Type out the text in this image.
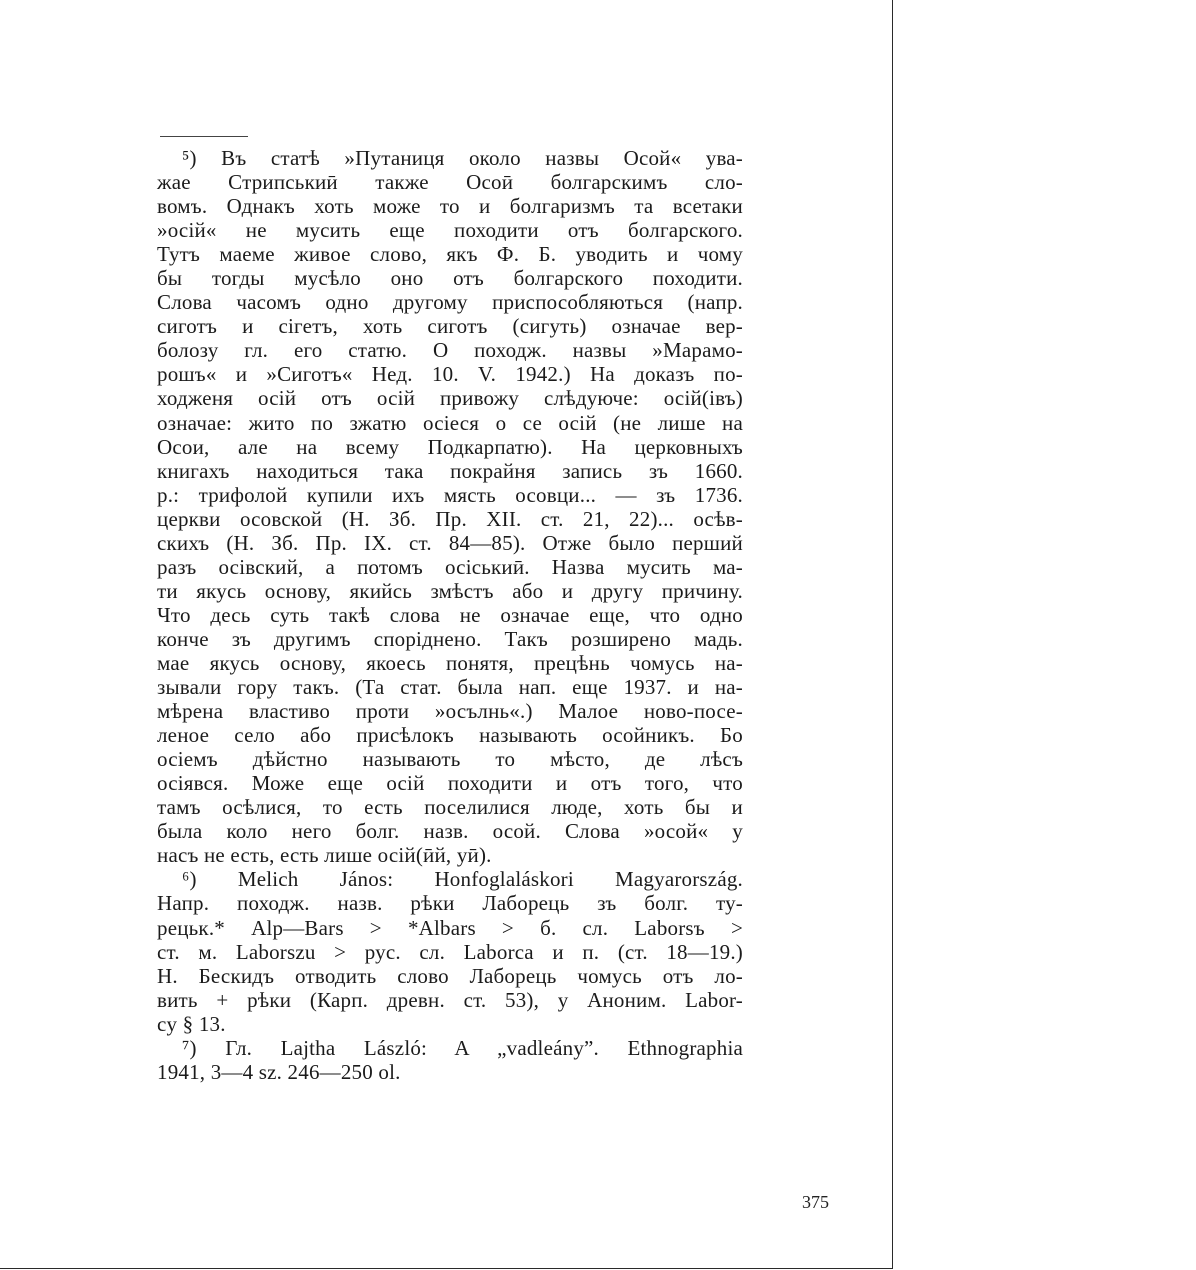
⁵) Въ статѣ »Путаниця около назвы Осой« ува-
жае Стрипськиӣ также Осоӣ болгарскимъ сло-
вомъ. Однакъ хоть може то и болгаризмъ та всетаки
»осій« не мусить еще походити отъ болгарского.
Тутъ маеме живое слово, якъ Ф. Б. уводить и чому
бы тогды мусѣло оно отъ болгарского походити.
Слова часомъ одно другому приспособляються (напр.
сиготъ и сігетъ, хоть сиготъ (сигуть) означае вер-
болозу гл. его статю. О походж. назвы »Марамо-
рошъ« и »Сиготъ« Нед. 10. V. 1942.) На доказъ по-
ходженя осій отъ осій привожу слѣдуюче: осій(івъ)
означае: жито по зжатю осіеся о се осій (не лише на
Осои, але на всему Подкарпатю). На церковныхъ
книгахъ находиться така покрайня запись зъ 1660.
р.: трифолой купили ихъ мясть осовци... — зъ 1736.
церкви осовской (Н. Зб. Пр. XII. ст. 21, 22)... осѣв-
скихъ (Н. Зб. Пр. IX. ст. 84—85). Отже было перший
разъ осівский, а потомъ осіськиӣ. Назва мусить ма-
ти якусь основу, якийсь змѣстъ або и другу причину.
Что десь суть такѣ слова не означае еще, что одно
конче зъ другимъ споріднено. Такъ розширено мадь.
мае якусь основу, якоесь понятя, прецѣнь чомусь на-
зывали гору такъ. (Та стат. была нап. еще 1937. и на-
мѣрена властиво проти »осълнь«.) Малое ново-посе-
леное село або присѣлокъ называють осойникъ. Бо
осіемъ дѣйстно называють то мѣсто, де лѣсъ
осіявся. Може еще осій походити и отъ того, что
тамъ осѣлися, то есть поселилися люде, хоть бы и
была коло него болг. назв. осой. Слова »осой« у
насъ не есть, есть лише осій(ӣй, уӣ).
⁶) Melich János: Honfoglaláskori Magyarország.
Напр. походж. назв. рѣки Лаборець зъ болг. ту-
рецьк.* Alp—Bars > *Albars > б. сл. Laborsъ >
ст. м. Laborszu > рус. сл. Laborca и п. (ст. 18—19.)
Н. Бескидъ отводить слово Лаборець чомусь отъ ло-
вить + рѣки (Карп. древн. ст. 53), у Аноним. Labor-
cy § 13.
⁷) Гл. Lajtha László: A „vadleány”. Ethnographia
1941, 3—4 sz. 246—250 ol.
375
